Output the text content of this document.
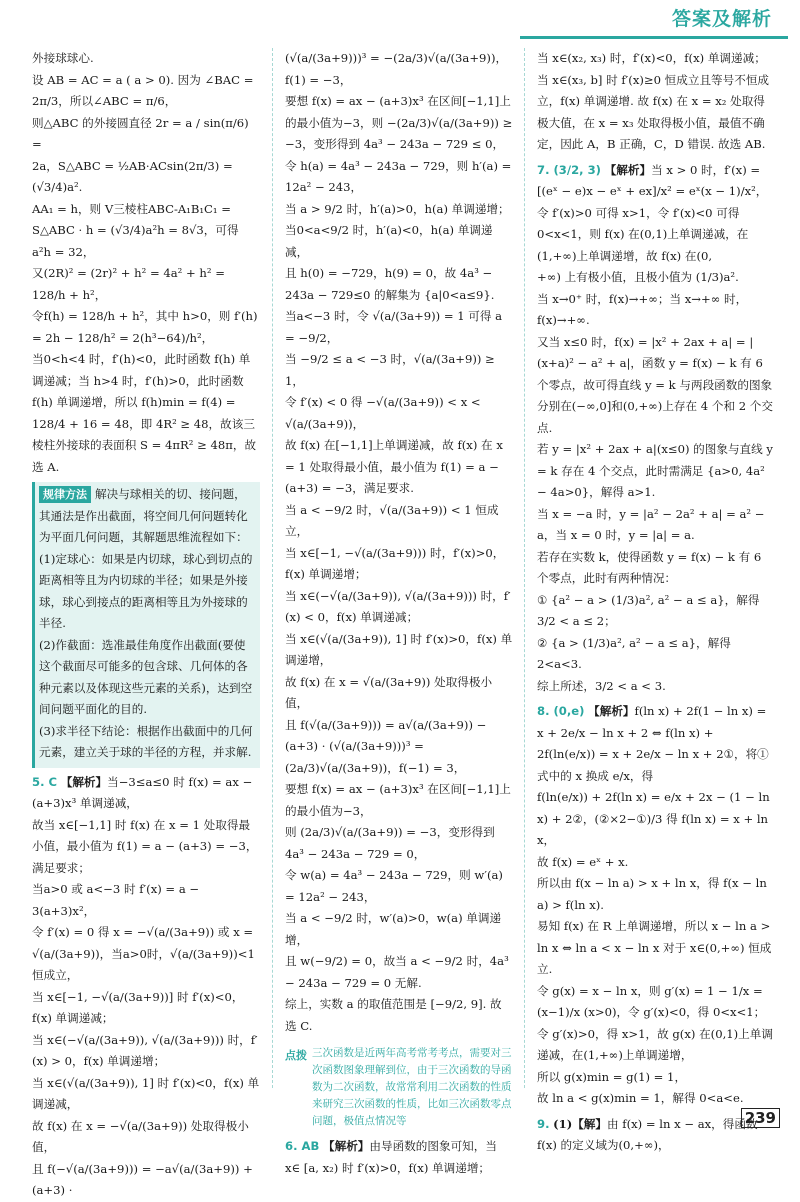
答案及解析

外接球球心.

设 AB = AC = a ( a > 0). 因为 ∠BAC = 2π/3，所以∠ABC = π/6，

则△ABC 的外接圆直径 2r = a / sin(π/6) =

2a，S△ABC = ½AB·ACsin(2π/3) = (√3/4)a².

AA₁ = h，则 V三棱柱ABC-A₁B₁C₁ = S△ABC · h = (√3/4)a²h = 8√3，可得 a²h = 32，

又(2R)² = (2r)² + h² = 4a² + h² = 128/h + h²，

令f(h) = 128/h + h²，其中 h>0，则 f′(h) = 2h − 128/h² = 2(h³−64)/h²，

当0<h<4 时，f′(h)<0，此时函数 f(h) 单调递减；当 h>4 时，f′(h)>0，此时函数

f(h) 单调递增，所以 f(h)min = f(4) = 128/4 + 16 = 48，即 4R² ≥ 48，故该三棱柱外接球的表面积 S = 4πR² ≥ 48π，故选 A.

规律方法 解决与球相关的切、接问题，其通法是作出截面，将空间几何问题转化为平面几何问题，其解题思维流程如下：

(1)定球心：如果是内切球，球心到切点的距离相等且为内切球的半径；如果是外接球，球心到接点的距离相等且为外接球的半径.

(2)作截面：选准最佳角度作出截面(要使这个截面尽可能多的包含球、几何体的各种元素以及体现这些元素的关系)，达到空间问题平面化的目的.

(3)求半径下结论：根据作出截面中的几何元素，建立关于球的半径的方程，并求解.

5. C 【解析】当−3≤a≤0 时 f(x) = ax − (a+3)x³ 单调递减，

故当 x∈[−1,1] 时 f(x) 在 x = 1 处取得最小值，最小值为 f(1) = a − (a+3) = −3，满足要求；

当a>0 或 a<−3 时 f′(x) = a − 3(a+3)x²，

令 f′(x) = 0 得 x = −√(a/(3a+9)) 或 x = √(a/(3a+9))，当a>0时，√(a/(3a+9))<1 恒成立，

当 x∈[−1, −√(a/(3a+9))] 时 f′(x)<0，f(x) 单调递减；

当 x∈(−√(a/(3a+9)), √(a/(3a+9))) 时，f′(x) > 0，f(x) 单调递增；

当 x∈(√(a/(3a+9)), 1] 时 f′(x)<0，f(x) 单调递减，

故 f(x) 在 x = −√(a/(3a+9)) 处取得极小值，

且 f(−√(a/(3a+9))) = −a√(a/(3a+9)) + (a+3) ·

(√(a/(3a+9)))³ = −(2a/3)√(a/(3a+9))，f(1) = −3，

要想 f(x) = ax − (a+3)x³ 在区间[−1,1]上的最小值为−3，则 −(2a/3)√(a/(3a+9)) ≥ −3，变形得到 4a³ − 243a − 729 ≤ 0，令 h(a) = 4a³ − 243a − 729，则 h′(a) = 12a² − 243，

当 a > 9/2 时，h′(a)>0，h(a) 单调递增；

当0<a<9/2 时，h′(a)<0，h(a) 单调递减，

且 h(0) = −729，h(9) = 0，故 4a³ − 243a − 729≤0 的解集为 {a|0<a≤9}.

当a<−3 时，令 √(a/(3a+9)) = 1 可得 a = −9/2，

当 −9/2 ≤ a < −3 时，√(a/(3a+9)) ≥ 1，

令 f′(x) < 0 得 −√(a/(3a+9)) < x < √(a/(3a+9))，

故 f(x) 在[−1,1]上单调递减，故 f(x) 在 x = 1 处取得最小值，最小值为 f(1) = a − (a+3) = −3，满足要求.

当 a < −9/2 时，√(a/(3a+9)) < 1 恒成立，

当 x∈[−1, −√(a/(3a+9))) 时，f′(x)>0，f(x) 单调递增；

当 x∈(−√(a/(3a+9)), √(a/(3a+9))) 时，f′(x) < 0，f(x) 单调递减；

当 x∈(√(a/(3a+9)), 1] 时 f′(x)>0，f(x) 单调递增，

故 f(x) 在 x = √(a/(3a+9)) 处取得极小值，

且 f(√(a/(3a+9))) = a√(a/(3a+9)) − (a+3) · (√(a/(3a+9)))³ = (2a/3)√(a/(3a+9))，f(−1) = 3，

要想 f(x) = ax − (a+3)x³ 在区间[−1,1]上的最小值为−3，

则 (2a/3)√(a/(3a+9)) = −3，变形得到 4a³ − 243a − 729 = 0，

令 w(a) = 4a³ − 243a − 729，则 w′(a) = 12a² − 243，

当 a < −9/2 时，w′(a)>0，w(a) 单调递增，

且 w(−9/2) = 0，故当 a < −9/2 时，4a³ − 243a − 729 = 0 无解.

综上，实数 a 的取值范围是 [−9/2, 9]. 故选 C.

点拨 三次函数是近两年高考常考考点，需要对三次函数图象理解到位，由于三次函数的导函数为二次函数，故常常利用二次函数的性质来研究三次函数的性质，比如三次函数零点问题，极值点情况等

6. AB 【解析】由导函数的图象可知，当 x∈ [a, x₂) 时 f′(x)>0，f(x) 单调递增；

当 x∈(x₂, x₃) 时，f′(x)<0，f(x) 单调递减；

当 x∈(x₃, b] 时 f′(x)≥0 恒成立且等号不恒成立，f(x) 单调递增. 故 f(x) 在 x = x₂ 处取得极大值，在 x = x₃ 处取得极小值，最值不确定，因此 A，B 正确，C，D 错误. 故选 AB.

7. (3/2, 3) 【解析】当 x > 0 时，f′(x) = [(eˣ − e)x − eˣ + ex]/x² = eˣ(x − 1)/x²，

令 f′(x)>0 可得 x>1，令 f′(x)<0 可得 0<x<1，则 f(x) 在(0,1)上单调递减，在(1,+∞)上单调递增，故 f(x) 在(0,

+∞) 上有极小值，且极小值为 (1/3)a².

当 x→0⁺ 时，f(x)→+∞；当 x→+∞ 时，f(x)→+∞.

又当 x≤0 时，f(x) = |x² + 2ax + a| = |(x+a)² − a² + a|，函数 y = f(x) − k 有 6 个零点，故可得直线 y = k 与两段函数的图象分别在(−∞,0]和(0,+∞)上存在 4 个和 2 个交点.

若 y = |x² + 2ax + a|(x≤0) 的图象与直线 y = k 存在 4 个交点，此时需满足 {a>0, 4a² − 4a>0}，解得 a>1.

当 x = −a 时，y = |a² − 2a² + a| = a² − a，当 x = 0 时，y = |a| = a.

若存在实数 k，使得函数 y = f(x) − k 有 6 个零点，此时有两种情况：

① {a² − a > (1/3)a², a² − a ≤ a}，解得 3/2 < a ≤ 2；

② {a > (1/3)a², a² − a ≤ a}，解得 2<a<3.

综上所述，3/2 < a < 3.

8. (0,e) 【解析】f(ln x) + 2f(1 − ln x) = x + 2e/x − ln x + 2 ⇔ f(ln x) + 2f(ln(e/x)) = x + 2e/x − ln x + 2①，将①式中的 x 换成 e/x，得

f(ln(e/x)) + 2f(ln x) = e/x + 2x − (1 − ln x) + 2②，(②×2−①)/3 得 f(ln x) = x + ln x，

故 f(x) = eˣ + x.

所以由 f(x − ln a) > x + ln x，得 f(x − ln a) > f(ln x).

易知 f(x) 在 R 上单调递增，所以 x − ln a > ln x ⇔ ln a < x − ln x 对于 x∈(0,+∞) 恒成立.

令 g(x) = x − ln x，则 g′(x) = 1 − 1/x = (x−1)/x (x>0)，令 g′(x)<0，得 0<x<1；

令 g′(x)>0，得 x>1，故 g(x) 在(0,1)上单调递减，在(1,+∞)上单调递增，

所以 g(x)min = g(1) = 1，

故 ln a < g(x)min = 1，解得 0<a<e.

9. (1)【解】由 f(x) = ln x − ax，得函数 f(x) 的定义域为(0,+∞)，

239
